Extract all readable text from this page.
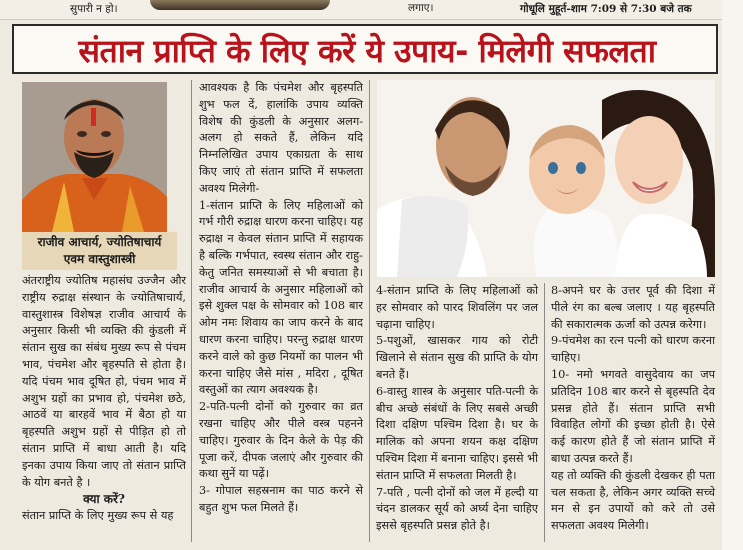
सुपारी न हो।	लगाए।	गोधूलि मुहूर्त-शाम 7:09 से 7:30 बजे तक
संतान प्राप्ति के लिए करें ये उपाय- मिलेगी सफलता
राजीव आचार्य, ज्योतिषाचार्य
एवम वास्तुशास्त्री

अंतराष्ट्रीय ज्योतिष महासंघ उज्जैन और राष्ट्रीय रुद्राक्ष संस्थान के ज्योतिषाचार्य, वास्तुशास्त्र विशेषज्ञ राजीव आचार्य के अनुसार किसी भी व्यक्ति की कुंडली में संतान सुख का संबंध मुख्य रूप से पंचम भाव, पंचमेश और बृहस्पति से होता है। यदि पंचम भाव दूषित हो, पंचम भाव में अशुभ ग्रहों का प्रभाव हो, पंचमेश छठे, आठवें या बारहवें भाव में बैठा हो या बृहस्पति अशुभ ग्रहों से पीड़ित हो तो संतान प्राप्ति में बाधा आती है। यदि इनका उपाय किया जाए तो संतान प्राप्ति के योग बनते है ।

क्या करें?

संतान प्राप्ति के लिए मुख्य रूप से यह

आवश्यक है कि पंचमेश और बृहस्पति शुभ फल दें, हालांकि उपाय व्यक्ति विशेष की कुंडली के अनुसार अलग-अलग हो सकते हैं, लेकिन यदि निम्नलिखित उपाय एकाग्रता के साथ किए जाएं तो संतान प्राप्ति में सफलता अवश्य मिलेगी-

1-संतान प्राप्ति के लिए महिलाओं को गर्भ गौरी रुद्राक्ष धारण करना चाहिए। यह रुद्राक्ष न केवल संतान प्राप्ति में सहायक है बल्कि गर्भपात, स्वस्थ संतान और राहु-केतु जनित समस्याओं से भी बचाता है। राजीव आचार्य के अनुसार महिलाओं को इसे शुक्ल पक्ष के सोमवार को 108 बार ओम नमः शिवाय का जाप करने के बाद धारण करना चाहिए। परन्तु रुद्राक्ष धारण करने वाले को कुछ नियमों का पालन भी करना चाहिए जैसे मांस , मदिरा , दूषित वस्तुओं का त्याग अवश्यक है।

2-पति-पत्नी दोनों को गुरुवार का व्रत रखना चाहिए और पीले वस्त्र पहनने चाहिए। गुरुवार के दिन केले के पेड़ की पूजा करें, दीपक जलाएं और गुरुवार की कथा सुनें या पढ़ें।

3- गोपाल सहस्रनाम का पाठ करने से बहुत शुभ फल मिलते हैं।

4-संतान प्राप्ति के लिए महिलाओं को हर सोमवार को पारद शिवलिंग पर जल चढ़ाना चाहिए।

5-पशुओं, खासकर गाय को रोटी खिलाने से संतान सुख की प्राप्ति के योग बनते हैं।

6-वास्तु शास्त्र के अनुसार पति-पत्नी के बीच अच्छे संबंधों के लिए सबसे अच्छी दिशा दक्षिण पश्चिम दिशा है। घर के मालिक को अपना शयन कक्ष दक्षिण पश्चिम दिशा में बनाना चाहिए। इससे भी संतान प्राप्ति में सफलता मिलती है।

7-पति , पत्नी दोनों को जल में हल्दी या चंदन डालकर सूर्य को अर्घ्य देना चाहिए इससे बृहस्पति प्रसन्न होते है।

8-अपने घर के उत्तर पूर्व की दिशा में पीले रंग का बल्ब जलाए । यह बृहस्पति की सकारात्मक ऊर्जा को उत्पन्न करेगा।

9-पंचमेश का रत्न पत्नी को धारण करना चाहिए।

10- नमो भगवते वासुदेवाय का जप प्रतिदिन 108 बार करने से बृहस्पति देव प्रसन्न होते हैं। संतान प्राप्ति सभी विवाहित लोगों की इच्छा होती है। ऐसे कई कारण होते हैं जो संतान प्राप्ति में बाधा उत्पन्न करते हैं।

यह तो व्यक्ति की कुंडली देखकर ही पता चल सकता है, लेकिन अगर व्यक्ति सच्चे मन से इन उपायों को करे तो उसे सफलता अवश्य मिलेगी।
